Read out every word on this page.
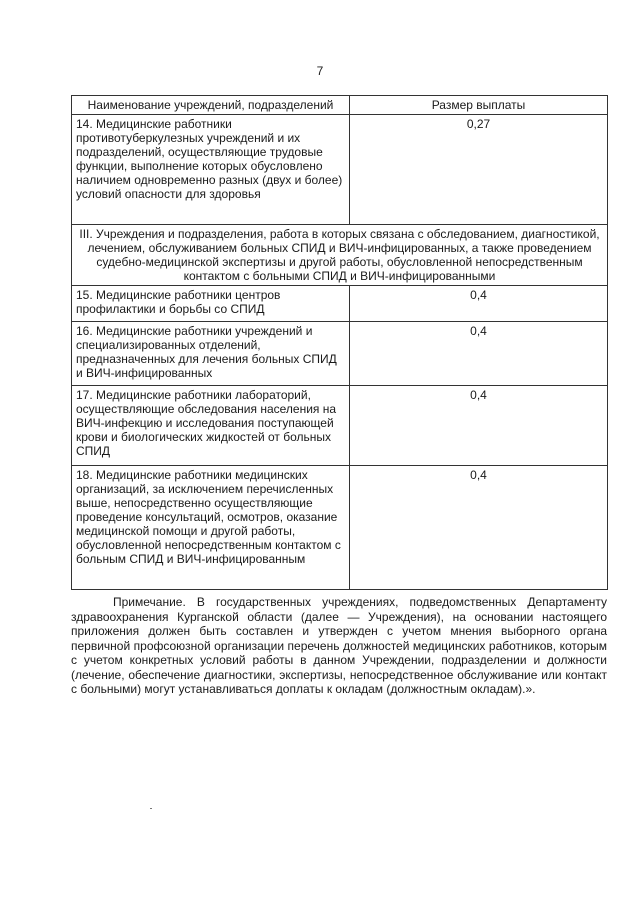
7
Наименование учреждений, подразделений	Размер выплаты
14. Медицинские работники противотуберкулезных учреждений и их подразделений, осуществляющие трудовые функции, выполнение которых обусловлено наличием одновременно разных (двух и более) условий опасности для здоровья	0,27
III. Учреждения и подразделения, работа в которых связана с обследованием, диагностикой, лечением, обслуживанием больных СПИД и ВИЧ-инфицированных, а также проведением судебно-медицинской экспертизы и другой работы, обусловленной непосредственным контактом с больными СПИД и ВИЧ-инфицированными	
15. Медицинские работники центров профилактики и борьбы со СПИД	0,4
16. Медицинские работники учреждений и специализированных отделений, предназначенных для лечения больных СПИД и ВИЧ-инфицированных	0,4
17. Медицинские работники лабораторий, осуществляющие обследования населения на ВИЧ-инфекцию и исследования поступающей крови и биологических жидкостей от больных СПИД	0,4
18. Медицинские работники медицинских организаций, за исключением перечисленных выше, непосредственно осуществляющие проведение консультаций, осмотров, оказание медицинской помощи и другой работы, обусловленной непосредственным контактом с больным СПИД и ВИЧ-инфицированным	0,4

Примечание. В государственных учреждениях, подведомственных Департаменту здравоохранения Курганской области (далее — Учреждения), на основании настоящего приложения должен быть составлен и утвержден с учетом мнения выборного органа первичной профсоюзной организации перечень должностей медицинских работников, которым с учетом конкретных условий работы в данном Учреждении, подразделении и должности (лечение, обеспечение диагностики, экспертизы, непосредственное обслуживание или контакт с больными) могут устанавливаться доплаты к окладам (должностным окладам).».
